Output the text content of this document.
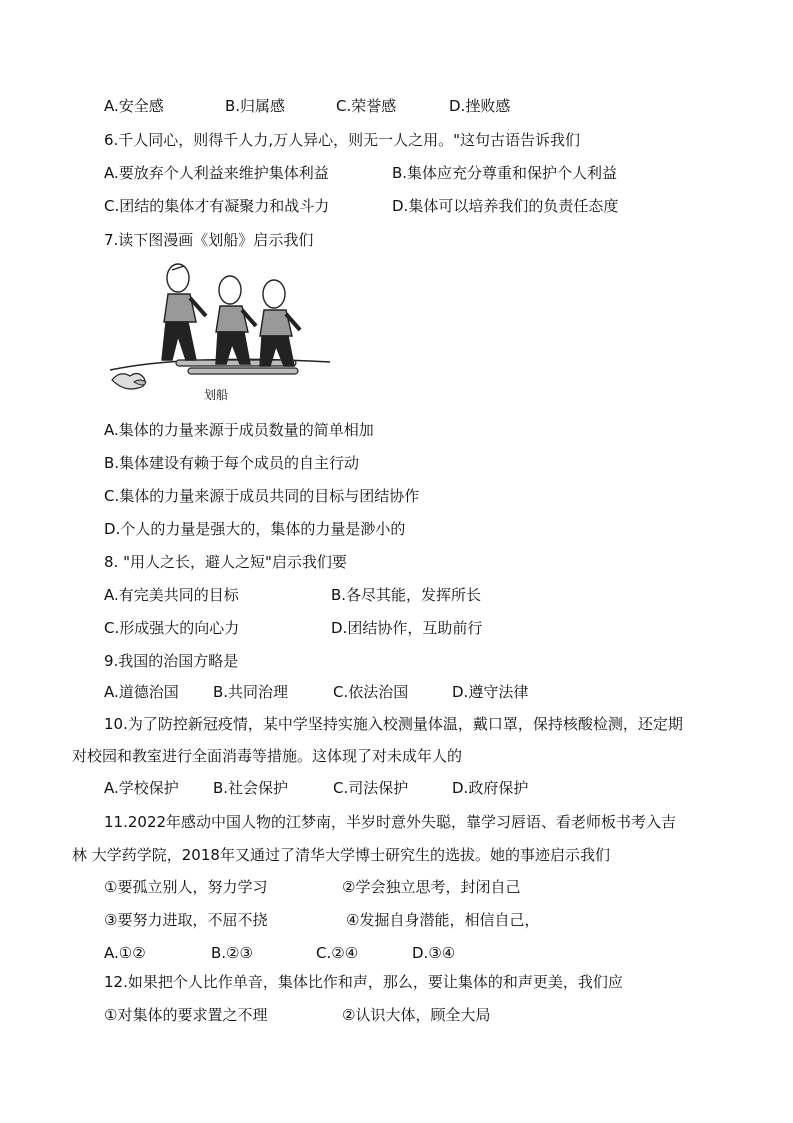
A.安全感	B.归属感	C.荣誉感	D.挫败感
6.千人同心，则得千人力,万人异心，则无一人之用。"这句古语告诉我们
A.要放弃个人利益来维护集体利益	B.集体应充分尊重和保护个人利益
C.团结的集体才有凝聚力和战斗力	D.集体可以培养我们的负责任态度
7.读下图漫画《划船》启示我们
划船
A.集体的力量来源于成员数量的简单相加
B.集体建设有赖于每个成员的自主行动
C.集体的力量来源于成员共同的目标与团结协作
D.个人的力量是强大的，集体的力量是渺小的
8. "用人之长，避人之短"启示我们要
A.有完美共同的目标	B.各尽其能，发挥所长
C.形成强大的向心力	D.团结协作，互助前行
9.我国的治国方略是
A.道德治国 B.共同治理	C.依法治国	D.遵守法律
10.为了防控新冠疫情，某中学坚持实施入校测量体温，戴口罩，保持核酸检测，还定期
对校园和教室进行全面消毒等措施。这体现了对未成年人的
A.学校保护 B.社会保护	C.司法保护	D.政府保护
11.2022年感动中国人物的江梦南，半岁时意外失聪，靠学习唇语、看老师板书考入吉
林 大学药学院，2018年又通过了清华大学博士研究生的选拔。她的事迹启示我们
①要孤立别人，努力学习	②学会独立思考，封闭自己
③要努力进取，不屈不挠	④发掘自身潜能，相信自己，
A.①②	B.②③	C.②④	D.③④
12.如果把个人比作单音，集体比作和声，那么，要让集体的和声更美，我们应
①对集体的要求置之不理	②认识大体，顾全大局
